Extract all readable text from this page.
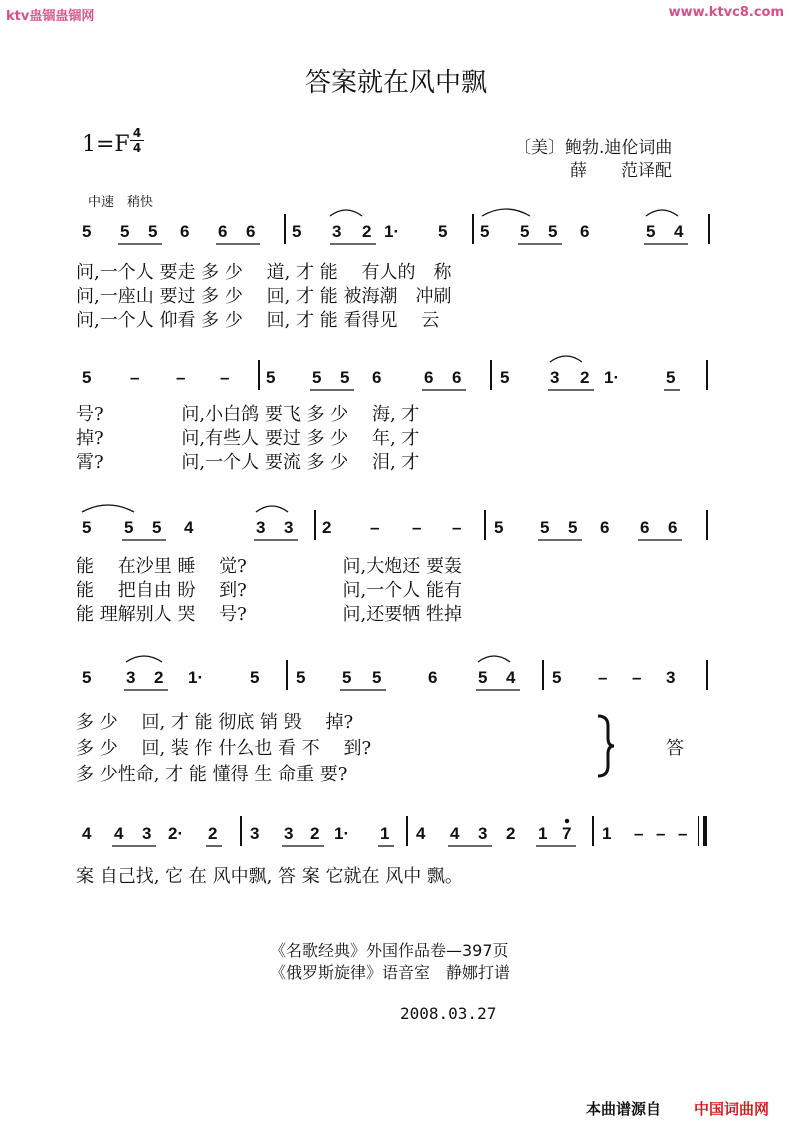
ktv蛊锢蛊锢网	www.ktvc8.com
答案就在风中飘
1=F 4
4	〔美〕鲍勃.迪伦词曲
薛　　范译配
中速　稍快
5 5 5 6 6 6 5 3 2 1· 5 5 5 5 6	5 4
问,一个人 要走 多 少　 道, 才 能　 有人的　称
问,一座山 要过 多 少　 回, 才 能 被海潮　冲刷
问,一个人 仰看 多 少　 回, 才 能 看得见　 云
5 – – – 5 5 5 6	6 6 5 3 2 1·	5
号?　　　　 问,小白鸽 要飞 多 少　 海, 才
掉?　　　　 问,有些人 要过 多 少　 年, 才
霄?　　　　 问,一个人 要流 多 少　 泪, 才
5 5 5 4	3 3 2 – – – 5 5 5 6 6 6
能　 在沙里 睡　 觉?　　　　　 问,大炮还 要轰
能　 把自由 盼　 到?　　　　　 问,一个人 能有
能 理解别人 哭　 号?　　　　　 问,还要牺 牲掉
5 3 2 1·	5 5 5 5	6 5 4 5 – – 3
多 少　 回, 才 能 彻底 销 毁　 掉?
多 少　 回, 装 作 什么也 看 不　 到?
多 少性命, 才 能 懂得 生 命重 要?
答
4 4 3 2· 2 3 3 2 1· 1 4 4 3 2 1 7 1 – – –
案 自己找, 它 在 风中飘, 答 案 它就在 风中 飘。
《名歌经典》外国作品卷—397页
《俄罗斯旋律》语音室　静娜打谱
2008.03.27
本曲谱源自 中国词曲网
